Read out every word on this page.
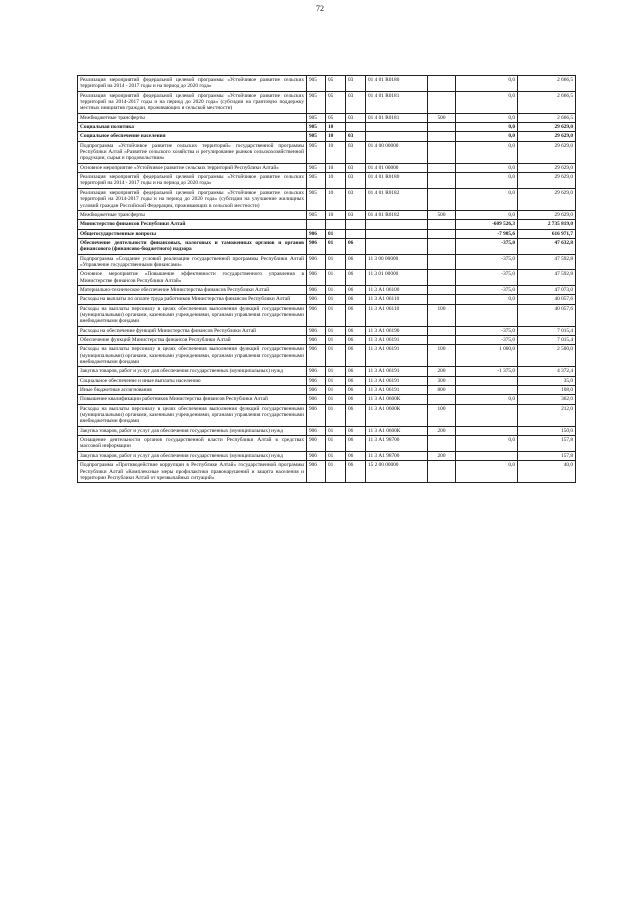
72
Реализация мероприятий федеральной целевой программы «Устойчивое развитие сельских территорий на 2014 - 2017 годы и на период до 2020 года»	905	05	03	01 4 01 R0180		0,0	2 666,5
Реализация мероприятий федеральной целевой программы «Устойчивое развитие сельских территорий на 2014-2017 годы и на период до 2020 года» (субсидии на грантовую поддержку местных инициатив граждан, проживающих в сельской местности)	905	05	03	01 4 01 R0181		0,0	2 666,5
Межбюджетные трансферты	905	05	03	01 4 01 R0181	500	0,0	2 666,5
Социальная политика	905	10				0,0	29 629,0
Социальное обеспечение населения	905	10	03			0,0	29 629,0
Подпрограмма «Устойчивое развитие сельских территорий» государственной программы Республики Алтай «Развитие сельского хозяйства и регулирование рынков сельскохозяйственной продукции, сырья и продовольствия»	905	10	03	01 4 00 00000		0,0	29 629,0
Основное мероприятие «Устойчивое развитие сельских территорий Республики Алтай»	905	10	03	01 4 01 00000		0,0	29 629,0
Реализация мероприятий федеральной целевой программы «Устойчивое развитие сельских территорий на 2014 - 2017 годы и на период до 2020 года»	905	10	03	01 4 01 R0180		0,0	29 629,0
Реализация мероприятий федеральной целевой программы «Устойчивое развитие сельских территорий на 2014-2017 годы и на период до 2020 года» (субсидии на улучшение жилищных условий граждан Российской Федерации, проживающих в сельской местности)	905	10	03	01 4 01 R0182		0,0	29 629,0
Межбюджетные трансферты	905	10	03	01 4 01 R0182	500	0,0	29 629,0
Министерство финансов Республики Алтай						-609 526,3	2 735 819,0
Общегосударственные вопросы	906	01				-7 985,6	616 971,7
Обеспечение деятельности финансовых, налоговых и таможенных органов и органов финансового (финансово-бюджетного) надзора	906	01	06			-375,0	47 632,8
Подпрограмма «Создание условий реализации государственной программы Республики Алтай «Управление государственными финансами»	906	01	06	11 3 00 00000		-375,0	47 592,8
Основное мероприятие «Повышение эффективности государственного управления в Министерстве финансов Республики Алтай»	906	01	06	11 3 01 00000		-375,0	47 592,8
Материально-техническое обеспечение Министерства финансов Республики Алтай	906	01	06	11 3 А1 06100		-375,0	47 073,0
Расходы на выплаты по оплате труда работников Министерства финансов Республики Алтай	906	01	06	11 3 А1 06110		0,0	40 057,6
Расходы на выплаты персоналу в целях обеспечения выполнения функций государственными (муниципальными) органами, казенными учреждениями, органами управления государственными внебюджетными фондами	906	01	06	11 3 А1 06110	100		40 057,6
Расходы на обеспечение функций Министерства финансов Республики Алтай	906	01	06	11 3 А1 06190		-375,0	7 015,4
Обеспечение функций Министерства финансов Республики Алтай	906	01	06	11 3 А1 06191		-375,0	7 015,4
Расходы на выплаты персоналу в целях обеспечения выполнения функций государственными (муниципальными) органами, казенными учреждениями, органами управления государственными внебюджетными фондами	906	01	06	11 3 А1 06191	100	1 000,0	2 500,0
Закупка товаров, работ и услуг для обеспечения государственных (муниципальных) нужд	906	01	06	11 3 А1 06191	200	-1 375,0	4 372,4
Социальное обеспечение и иные выплаты населению	906	01	06	11 3 А1 06191	300		35,0
Иные бюджетные ассигнования	906	01	06	11 3 А1 06191	800		108,0
Повышение квалификации работников Министерства финансов Республики Алтай	906	01	06	11 3 А1 0600К		0,0	362,0
Расходы на выплаты персоналу в целях обеспечения выполнения функций государственными (муниципальными) органами, казенными учреждениями, органами управления государственными внебюджетными фондами	906	01	06	11 3 А1 0600К	100		212,0
Закупка товаров, работ и услуг для обеспечения государственных (муниципальных) нужд	906	01	06	11 3 А1 0600К	200		150,0
Оснащение деятельности органов государственной власти Республики Алтай в средствах массовой информации	906	01	06	11 3 А1 98700		0,0	157,8
Закупка товаров, работ и услуг для обеспечения государственных (муниципальных) нужд	906	01	06	11 3 А1 98700	200		157,8
Подпрограмма «Противодействие коррупции в Республике Алтай» государственной программы Республики Алтай «Комплексные меры профилактики правонарушений и защита населения и территории Республики Алтай от чрезвычайных ситуаций»	906	01	06	15 2 00 00000		0,0	40,0
